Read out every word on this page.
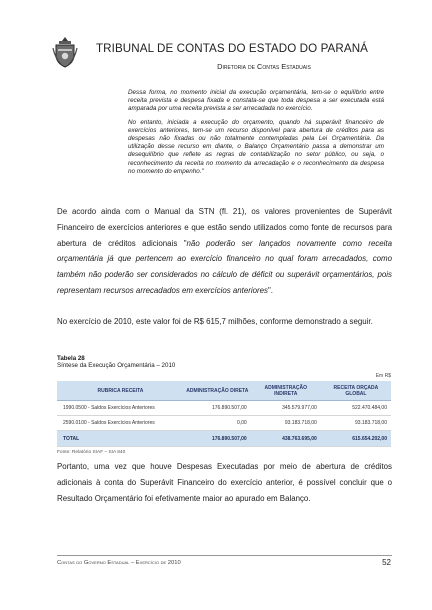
TRIBUNAL DE CONTAS DO ESTADO DO PARANÁ
Diretoria de Contas Estaduais

Dessa forma, no momento inicial da execução orçamentária, tem-se o equilíbrio entre receita prevista e despesa fixada e constata-se que toda despesa a ser executada está amparada por uma receita prevista a ser arrecadada no exercício.

No entanto, iniciada a execução do orçamento, quando há superávit financeiro de exercícios anteriores, tem-se um recurso disponível para abertura de créditos para as despesas não fixadas ou não totalmente contempladas pela Lei Orçamentária. Da utilização desse recurso em diante, o Balanço Orçamentário passa a demonstrar um desequilíbrio que reflete as regras de contabilização no setor público, ou seja, o reconhecimento da receita no momento da arrecadação e o reconhecimento da despesa no momento do empenho."

De acordo ainda com o Manual da STN (fl. 21), os valores provenientes de Superávit Financeiro de exercícios anteriores e que estão sendo utilizados como fonte de recursos para abertura de créditos adicionais "não poderão ser lançados novamente como receita orçamentária já que pertencem ao exercício financeiro no qual foram arrecadados, como também não poderão ser considerados no cálculo de déficit ou superávit orçamentários, pois representam recursos arrecadados em exercícios anteriores".
No exercício de 2010, este valor foi de R$ 615,7 milhões, conforme demonstrado a seguir.
Tabela 28
Síntese da Execução Orçamentária – 2010
Em R$
RUBRICA RECEITA	ADMINISTRAÇÃO DIRETA	ADMINISTRAÇÃO INDIRETA	RECEITA ORÇADA GLOBAL
1990.0500 - Saldos Exercícios Anteriores	176.890.507,00	345.579.977,00	522.470.484,00
2590.0100 - Saldos Exercícios Anteriores	0,00	93.183.718,00	93.183.718,00
TOTAL	176.890.507,00	438.763.695,00	615.654.202,00
Fonte: Relatório SIAF – SIA 840
Portanto, uma vez que houve Despesas Executadas por meio de abertura de créditos adicionais à conta do Superávit Financeiro do exercício anterior, é possível concluir que o Resultado Orçamentário foi efetivamente maior ao apurado em Balanço.
Contas do Governo Estadual – Exercício de 2010	52
